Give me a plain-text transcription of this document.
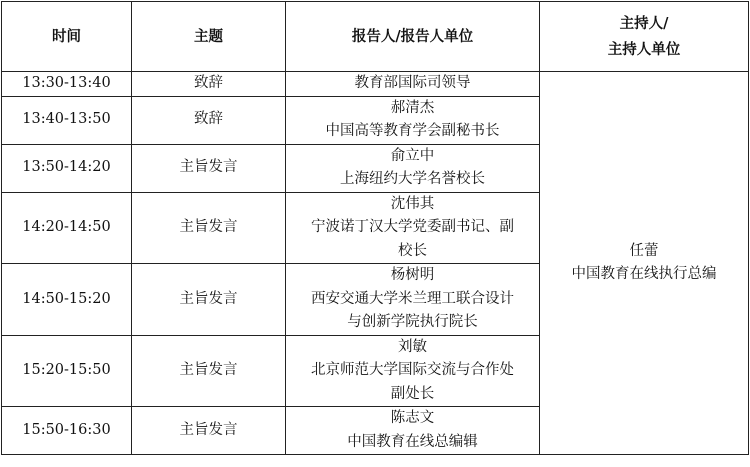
时间	主题	报告人/报告人单位	主持人/
主持人单位

13:30-13:40	致辞	教育部国际司领导	任蕾
中国教育在线执行总编

13:40-13:50	致辞	郝清杰
中国高等教育学会副秘书长	

13:50-14:20	主旨发言	俞立中
上海纽约大学名誉校长	

14:20-14:50	主旨发言	沈伟其
宁波诺丁汉大学党委副书记、副
校长	

14:50-15:20	主旨发言	杨树明
西安交通大学米兰理工联合设计
与创新学院执行院长	

15:20-15:50	主旨发言	刘敏
北京师范大学国际交流与合作处
副处长	

15:50-16:30	主旨发言	陈志文
中国教育在线总编辑	
